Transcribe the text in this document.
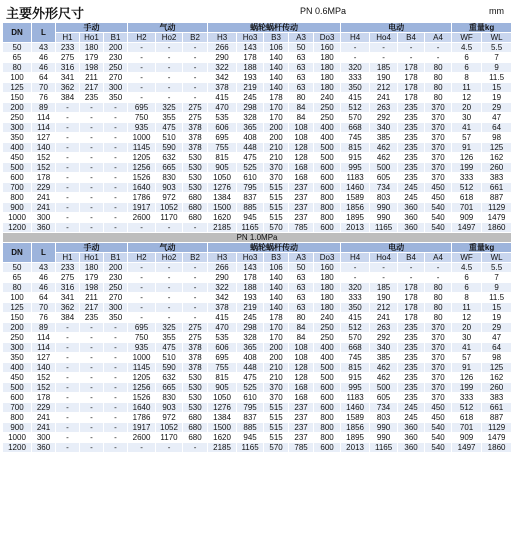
主要外形尺寸	PN 0.6MPa	mm
DN	L	手动			气动			蜗轮蜗杆传动					电动				重量kg	
		H1	Ho1	B1	H2	Ho2	B2	H3	Ho3	B3	A3	Do3	H4	Ho4	B4	A4	WF	WL
50	43	233	180	200	-	-	-	266	143	106	50	160	-	-	-	-	4.5	5.5
65	46	275	179	230	-	-	-	290	178	140	63	180	-	-	-	-	6	7
80	46	316	198	250	-	-	-	322	188	140	63	180	320	185	178	80	6	9
100	64	341	211	270	-	-	-	342	193	140	63	180	333	190	178	80	8	11.5
125	70	362	217	300	-	-	-	378	219	140	63	180	350	212	178	80	11	15
150	76	384	235	350	-	-	-	415	245	178	80	240	415	241	178	80	12	19
200	89	-	-	-	695	325	275	470	298	170	84	250	512	263	235	370	20	29
250	114	-	-	-	750	355	275	535	328	170	84	250	570	292	235	370	30	47
300	114	-	-	-	935	475	378	606	365	200	108	400	668	340	235	370	41	64
350	127	-	-	-	1000	510	378	695	408	200	108	400	745	385	235	370	57	98
400	140	-	-	-	1145	590	378	755	448	210	128	500	815	462	235	370	91	125
450	152	-	-	-	1205	632	530	815	475	210	128	500	915	462	235	370	126	162
500	152	-	-	-	1256	665	530	905	525	370	168	600	995	500	235	370	199	260
600	178	-	-	-	1526	830	530	1050	610	370	168	600	1183	605	235	370	333	383
700	229	-	-	-	1640	903	530	1276	795	515	237	600	1460	734	245	450	512	661
800	241	-	-	-	1786	972	680	1384	837	515	237	800	1589	803	245	450	618	887
900	241	-	-	-	1917	1052	680	1500	885	515	237	800	1856	990	360	540	701	1129
1000	300	-	-	-	2600	1170	680	1620	945	515	237	800	1895	990	360	540	909	1479
1200	360	-	-	-	-	-	-	2185	1165	570	785	600	2013	1165	360	540	1497	1860
PN 1.0MPa																		
DN	L	手动			气动			蜗轮蜗杆传动					电动				重量kg	
		H1	Ho1	B1	H2	Ho2	B2	H3	Ho3	B3	A3	Do3	H4	Ho4	B4	A4	WF	WL
50	43	233	180	200	-	-	-	266	143	106	50	160	-	-	-	-	4.5	5.5
65	46	275	179	230	-	-	-	290	178	140	63	180	-	-	-	-	6	7
80	46	316	198	250	-	-	-	322	188	140	63	180	320	185	178	80	6	9
100	64	341	211	270	-	-	-	342	193	140	63	180	333	190	178	80	8	11.5
125	70	362	217	300	-	-	-	378	219	140	63	180	350	212	178	80	11	15
150	76	384	235	350	-	-	-	415	245	178	80	240	415	241	178	80	12	19
200	89	-	-	-	695	325	275	470	298	170	84	250	512	263	235	370	20	29
250	114	-	-	-	750	355	275	535	328	170	84	250	570	292	235	370	30	47
300	114	-	-	-	935	475	378	606	365	200	108	400	668	340	235	370	41	64
350	127	-	-	-	1000	510	378	695	408	200	108	400	745	385	235	370	57	98
400	140	-	-	-	1145	590	378	755	448	210	128	500	815	462	235	370	91	125
450	152	-	-	-	1205	632	530	815	475	210	128	500	915	462	235	370	126	162
500	152	-	-	-	1256	665	530	905	525	370	168	600	995	500	235	370	199	260
600	178	-	-	-	1526	830	530	1050	610	370	168	600	1183	605	235	370	333	383
700	229	-	-	-	1640	903	530	1276	795	515	237	600	1460	734	245	450	512	661
800	241	-	-	-	1786	972	680	1384	837	515	237	800	1589	803	245	450	618	887
900	241	-	-	-	1917	1052	680	1500	885	515	237	800	1856	990	360	540	701	1129
1000	300	-	-	-	2600	1170	680	1620	945	515	237	800	1895	990	360	540	909	1479
1200	360	-	-	-	-	-	-	2185	1165	570	785	600	2013	1165	360	540	1497	1860
